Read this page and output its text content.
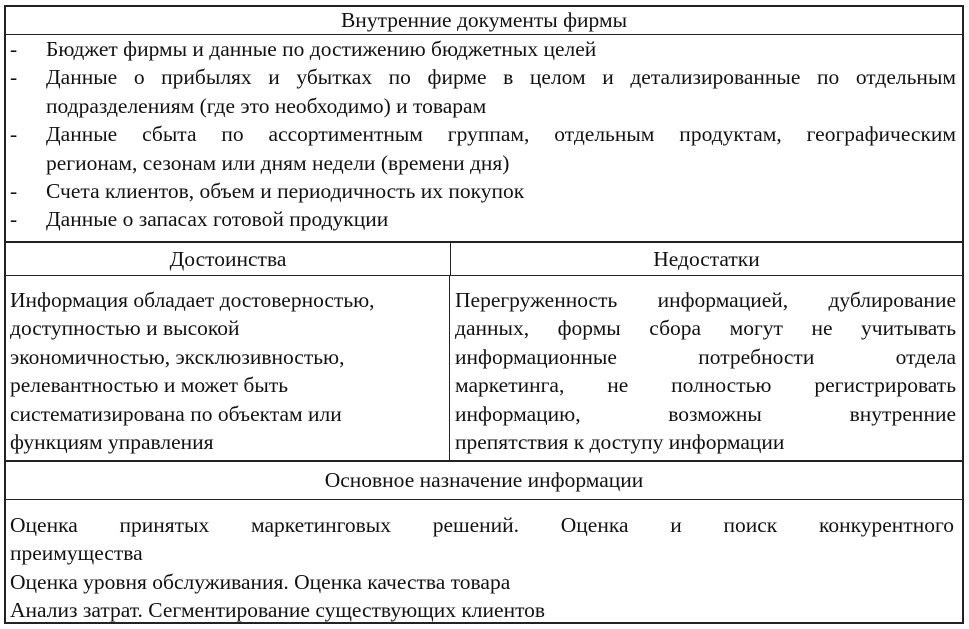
Внутренние документы фирмы
- Бюджет фирмы и данные по достижению бюджетных целей
- Данные о прибылях и убытках по фирме в целом и детализированные по отдельным
подразделениям (где это необходимо) и товарам
- Данные сбыта по ассортиментным группам, отдельным продуктам, географическим
регионам, сезонам или дням недели (времени дня)
- Счета клиентов, объем и периодичность их покупок
- Данные о запасах готовой продукции
Достоинства	Недостатки
Информация обладает достоверностью,
доступностью и высокой
экономичностью, эксклюзивностью,
релевантностью и может быть
систематизирована по объектам или
функциям управления
Перегруженность информацией, дублирование
данных, формы сбора могут не учитывать
информационные потребности отдела
маркетинга, не полностью регистрировать
информацию, возможны внутренние
препятствия к доступу информации
Основное назначение информации
Оценка принятых маркетинговых решений. Оценка и поиск конкурентного
преимущества
Оценка уровня обслуживания. Оценка качества товара
Анализ затрат. Сегментирование существующих клиентов
